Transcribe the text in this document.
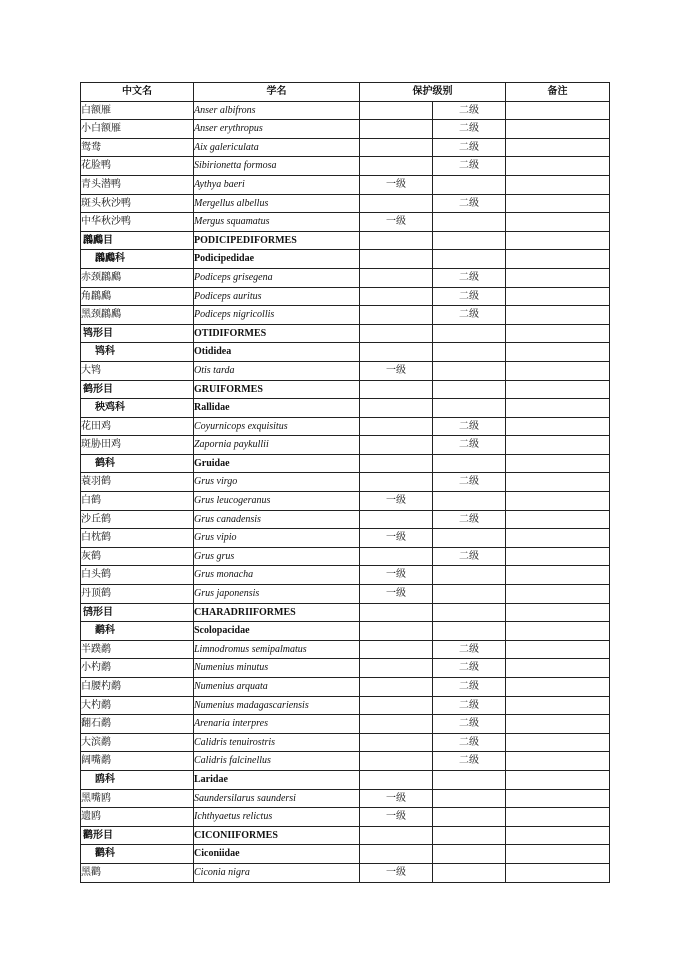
中文名	学名	保护级别		备注
白额雁	Anser albifrons		二级	
小白额雁	Anser erythropus		二级	
鸳鸯	Aix galericulata		二级	
花脸鸭	Sibirionetta formosa		二级	
青头潜鸭	Aythya baeri	一级		
斑头秋沙鸭	Mergellus albellus		二级	
中华秋沙鸭	Mergus squamatus	一级		
鸊鷉目	PODICIPEDIFORMES			
鸊鷉科	Podicipedidae			
赤颈鸊鷉	Podiceps grisegena		二级	
角鸊鷉	Podiceps auritus		二级	
黑颈鸊鷉	Podiceps nigricollis		二级	
鸨形目	OTIDIFORMES			
鸨科	Otididea			
大鸨	Otis tarda	一级		
鹤形目	GRUIFORMES			
秧鸡科	Rallidae			
花田鸡	Coyurnicops exquisitus		二级	
斑胁田鸡	Zapornia paykullii		二级	
鹤科	Gruidae			
蓑羽鹤	Grus virgo		二级	
白鹤	Grus leucogeranus	一级		
沙丘鹤	Grus canadensis		二级	
白枕鹤	Grus vipio	一级		
灰鹤	Grus grus		二级	
白头鹤	Grus monacha	一级		
丹顶鹤	Grus japonensis	一级		
鸻形目	CHARADRIIFORMES			
鹬科	Scolopacidae			
半蹼鹬	Limnodromus semipalmatus		二级	
小杓鹬	Numenius minutus		二级	
白腰杓鹬	Numenius arquata		二级	
大杓鹬	Numenius madagascariensis		二级	
翻石鹬	Arenaria interpres		二级	
大滨鹬	Calidris tenuirostris		二级	
阔嘴鹬	Calidris falcinellus		二级	
鸥科	Laridae			
黑嘴鸥	Saundersilarus saundersi	一级		
遗鸥	Ichthyaetus relictus	一级		
鹳形目	CICONIIFORMES			
鹳科	Ciconiidae			
黑鹳	Ciconia nigra	一级		
